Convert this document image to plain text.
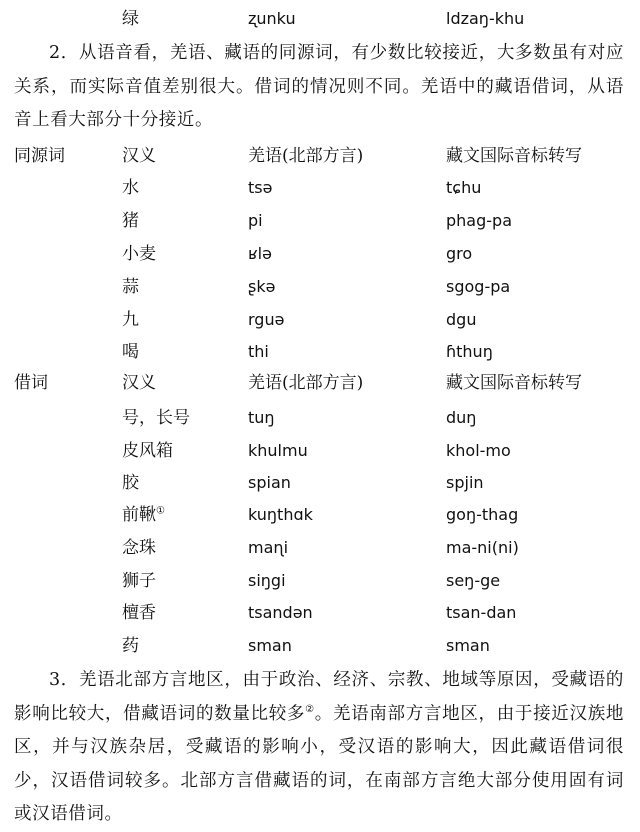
绿	ʐunku	ldzaŋ-khu
2．从语音看，羌语、藏语的同源词，有少数比较接近，大多数虽有对应关系，而实际音值差别很大。借词的情况则不同。羌语中的藏语借词，从语音上看大部分十分接近。
同源词	汉义	羌语(北部方言)	藏文国际音标转写
水	tsə	tɕhu
猪	pi	phag-pa
小麦	ʁlə	gro
蒜	ʂkə	sgog-pa
九	rguə	dgu
喝	thi	ɦthuŋ
借词	汉义	羌语(北部方言)	藏文国际音标转写
号，长号	tuŋ	duŋ
皮风箱	khulmu	khol-mo
胶	spian	spjin
前鞦①	kuŋthɑk	goŋ-thag
念珠	maɳi	ma-ni(ni)
狮子	siŋgi	seŋ-ge
檀香	tsandən	tsan-dan
药	sman	sman
3．羌语北部方言地区，由于政治、经济、宗教、地域等原因，受藏语的影响比较大，借藏语词的数量比较多②。羌语南部方言地区，由于接近汉族地区，并与汉族杂居，受藏语的影响小，受汉语的影响大，因此藏语借词很少，汉语借词较多。北部方言借藏语的词，在南部方言绝大部分使用固有词或汉语借词。
